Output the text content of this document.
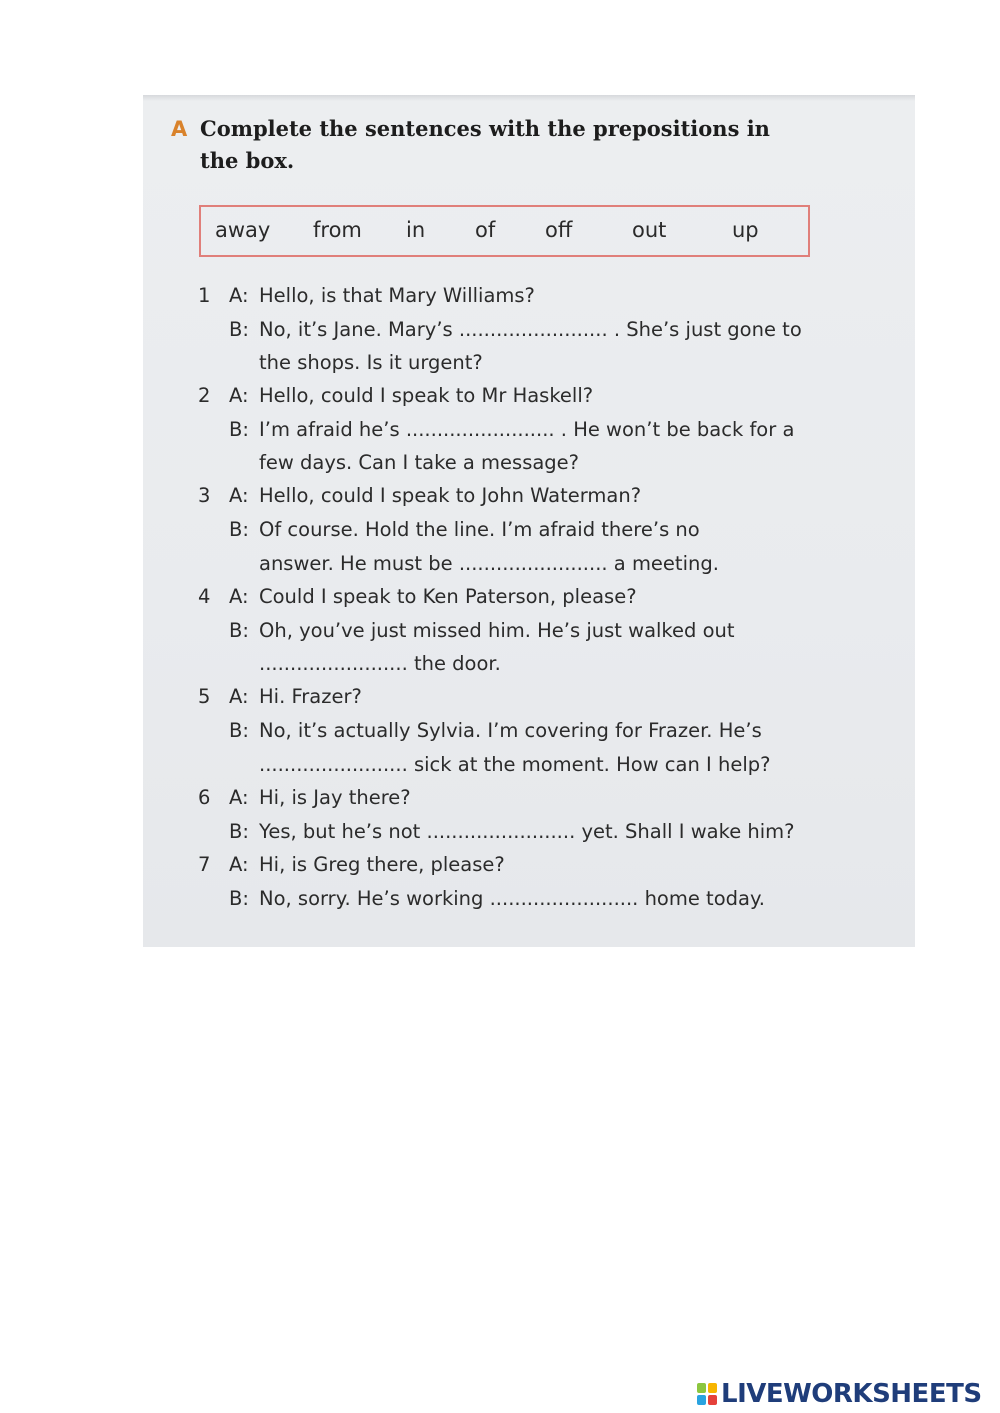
A Complete the sentences with the prepositions in
the box.
away from in of off	out	up
1 A: Hello, is that Mary Williams?
B: No, it’s Jane. Mary’s ........................ . She’s just gone to
the shops. Is it urgent?
2 A: Hello, could I speak to Mr Haskell?
B: I’m afraid he’s ........................ . He won’t be back for a
few days. Can I take a message?
3 A: Hello, could I speak to John Waterman?
B: Of course. Hold the line. I’m afraid there’s no
answer. He must be ........................ a meeting.
4 A: Could I speak to Ken Paterson, please?
B: Oh, you’ve just missed him. He’s just walked out
........................ the door.
5 A: Hi. Frazer?
B: No, it’s actually Sylvia. I’m covering for Frazer. He’s
........................ sick at the moment. How can I help?
6 A: Hi, is Jay there?
B: Yes, but he’s not ........................ yet. Shall I wake him?
7 A: Hi, is Greg there, please?
B: No, sorry. He’s working ........................ home today.
LIVEWORKSHEETS
